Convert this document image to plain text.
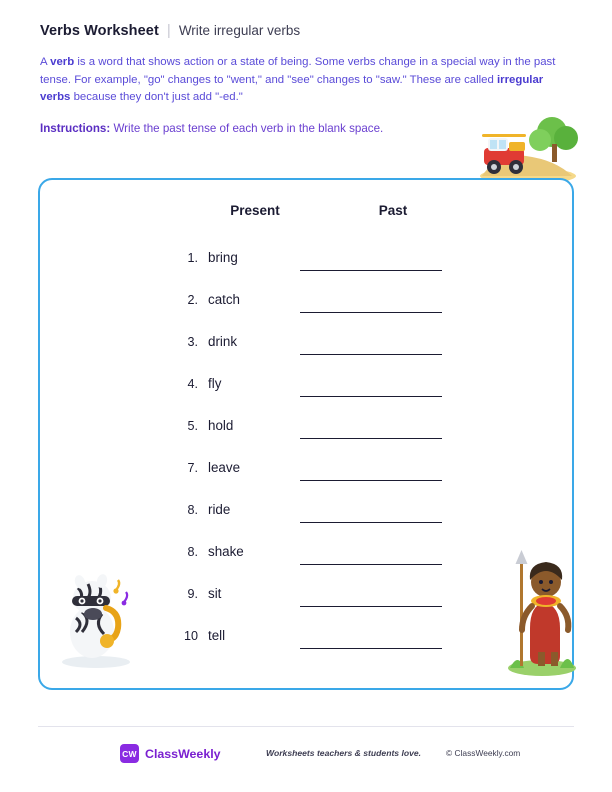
Verbs Worksheet | Write irregular verbs
A verb is a word that shows action or a state of being. Some verbs change in a special way in the past tense. For example, "go" changes to "went," and "see" changes to "saw." These are called irregular verbs because they don't just add "-ed."
Instructions: Write the past tense of each verb in the blank space.
Present	Past
1. bring
2. catch
3. drink
4. fly
5. hold
7. leave
8. ride
8. shake
9. sit
10 tell
CW ClassWeekly	Worksheets teachers & students love.	© ClassWeekly.com
